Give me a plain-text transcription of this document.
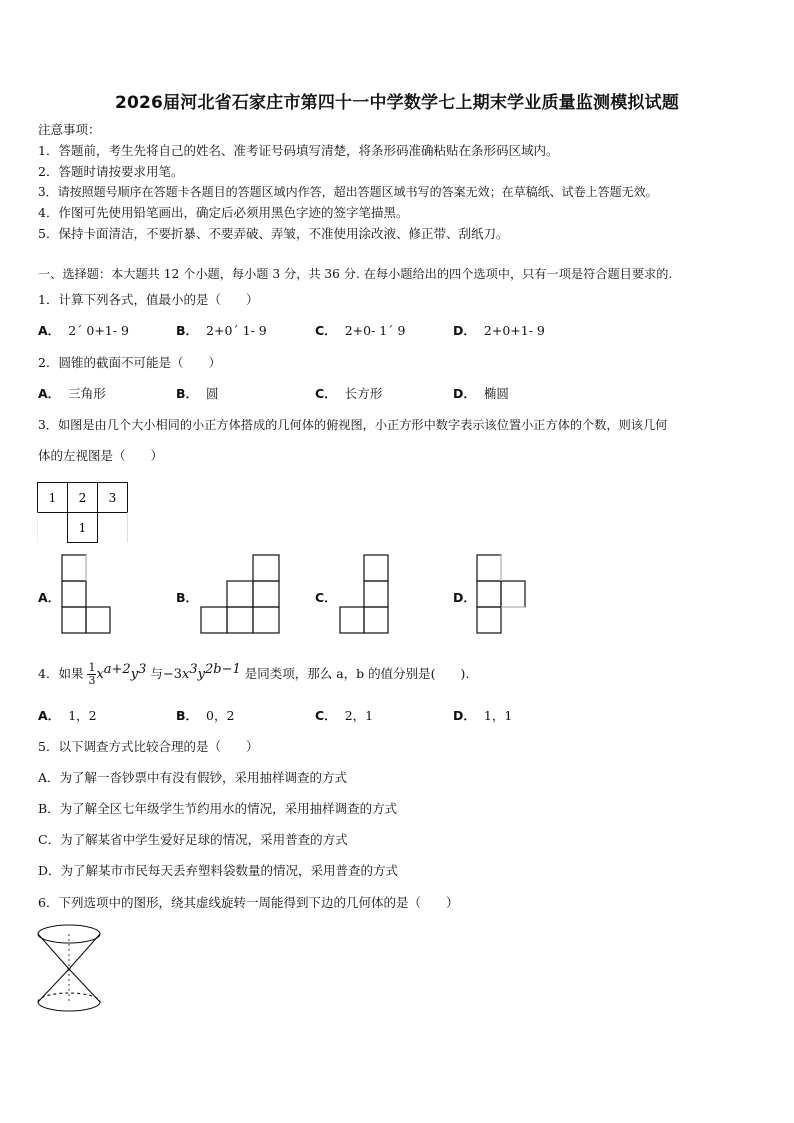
2026届河北省石家庄市第四十一中学数学七上期末学业质量监测模拟试题
注意事项：
1．答题前，考生先将自己的姓名、准考证号码填写清楚，将条形码准确粘贴在条形码区域内。
2．答题时请按要求用笔。
3．请按照题号顺序在答题卡各题目的答题区域内作答，超出答题区域书写的答案无效；在草稿纸、试卷上答题无效。
4．作图可先使用铅笔画出，确定后必须用黑色字迹的签字笔描黑。
5．保持卡面清洁，不要折暴、不要弄破、弄皱，不准使用涂改液、修正带、刮纸刀。
一、选择题：本大题共 12 个小题，每小题 3 分，共 36 分. 在每小题给出的四个选项中，只有一项是符合题目要求的.
1．计算下列各式，值最小的是（　　）
A． 2´ 0+1- 9	B． 2+0´ 1- 9	C． 2+0- 1´ 9	D． 2+0+1- 9
2．圆锥的截面不可能是（　　）
A． 三角形	B． 圆	C． 长方形	D． 椭圆
3．如图是由几个大小相同的小正方体搭成的几何体的俯视图，小正方形中数字表示该位置小正方体的个数，则该几何
体的左视图是（　　）
1 2 3
1
A．	B．	C．	D．
4．如果 $\frac{1}{3} x^{a+2}y^3$ 与$-3x^3y^{2b-1}$ 是同类项，那么 a，b 的值分别是(　　).
A． 1，2	B． 0，2	C． 2，1	D． 1，1
5．以下调查方式比较合理的是（　　）
A．为了解一沓钞票中有没有假钞，采用抽样调查的方式
B．为了解全区七年级学生节约用水的情况，采用抽样调查的方式
C．为了解某省中学生爱好足球的情况，采用普查的方式
D．为了解某市市民每天丢弃塑料袋数量的情况，采用普查的方式
6．下列选项中的图形，绕其虚线旋转一周能得到下边的几何体的是（　　）
